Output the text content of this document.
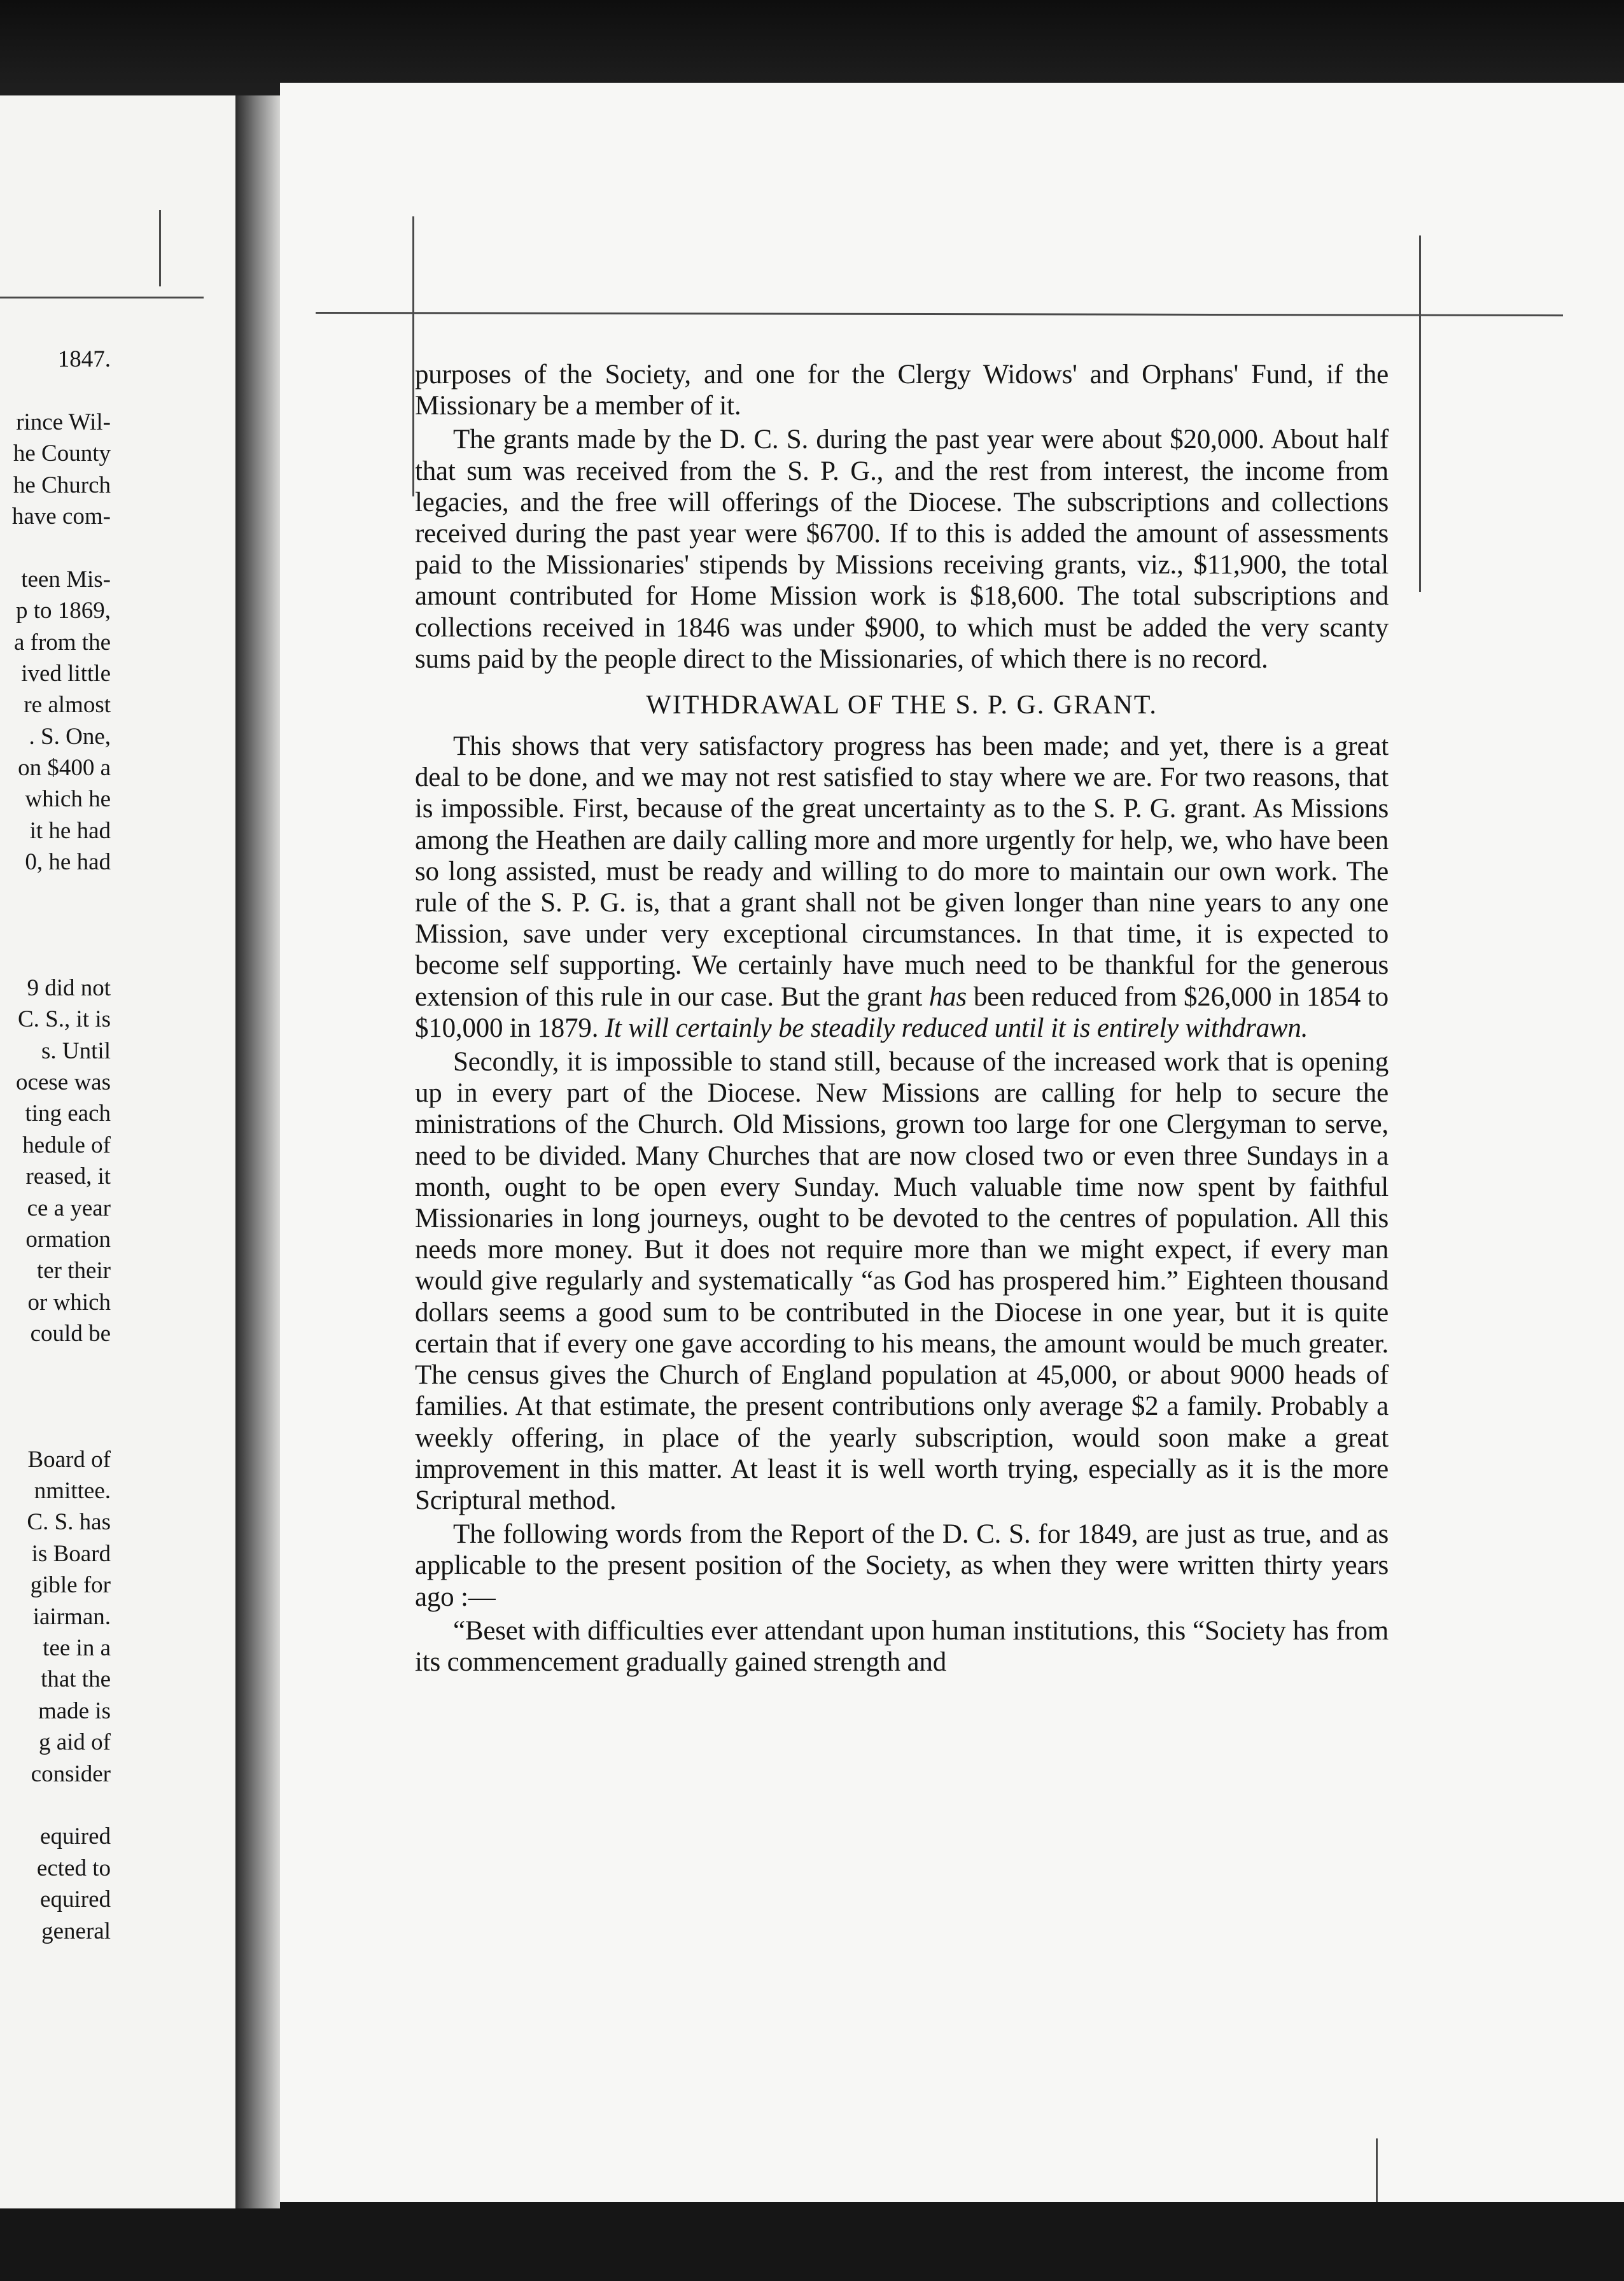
1847.
rince Wil-
he County
he Church
have com-
teen Mis-
p to 1869,
a from the
ived little
re almost
. S. One,
on $400 a
which he
it he had
0, he had
9 did not
C. S., it is
s. Until
ocese was
ting each
hedule of
reased, it
ce a year
ormation
ter their
or which
could be
Board of
nmittee.
C. S. has
is Board
gible for
iairman.
tee in a
that the
made is
g aid of
consider
equired
ected to
equired
general

purposes of the Society, and one for the Clergy Widows' and Orphans' Fund, if the Missionary be a member of it.

The grants made by the D. C. S. during the past year were about $20,000. About half that sum was received from the S. P. G., and the rest from interest, the income from legacies, and the free will offerings of the Diocese. The subscriptions and collections received during the past year were $6700. If to this is added the amount of assessments paid to the Missionaries' stipends by Missions receiving grants, viz., $11,900, the total amount contributed for Home Mission work is $18,600. The total subscriptions and collections received in 1846 was under $900, to which must be added the very scanty sums paid by the people direct to the Missionaries, of which there is no record.

WITHDRAWAL OF THE S. P. G. GRANT.

This shows that very satisfactory progress has been made; and yet, there is a great deal to be done, and we may not rest satisfied to stay where we are. For two reasons, that is impossible. First, because of the great uncertainty as to the S. P. G. grant. As Missions among the Heathen are daily calling more and more urgently for help, we, who have been so long assisted, must be ready and willing to do more to maintain our own work. The rule of the S. P. G. is, that a grant shall not be given longer than nine years to any one Mission, save under very exceptional circumstances. In that time, it is expected to become self supporting. We certainly have much need to be thankful for the generous extension of this rule in our case. But the grant has been reduced from $26,000 in 1854 to $10,000 in 1879. It will certainly be steadily reduced until it is entirely withdrawn.

Secondly, it is impossible to stand still, because of the increased work that is opening up in every part of the Diocese. New Missions are calling for help to secure the ministrations of the Church. Old Missions, grown too large for one Clergyman to serve, need to be divided. Many Churches that are now closed two or even three Sundays in a month, ought to be open every Sunday. Much valuable time now spent by faithful Missionaries in long journeys, ought to be devoted to the centres of population. All this needs more money. But it does not require more than we might expect, if every man would give regularly and systematically “as God has prospered him.” Eighteen thousand dollars seems a good sum to be contributed in the Diocese in one year, but it is quite certain that if every one gave according to his means, the amount would be much greater. The census gives the Church of England population at 45,000, or about 9000 heads of families. At that estimate, the present contributions only average $2 a family. Probably a weekly offering, in place of the yearly subscription, would soon make a great improvement in this matter. At least it is well worth trying, especially as it is the more Scriptural method.

The following words from the Report of the D. C. S. for 1849, are just as true, and as applicable to the present position of the Society, as when they were written thirty years ago :—

“Beset with difficulties ever attendant upon human institutions, this “Society has from its commencement gradually gained strength and
